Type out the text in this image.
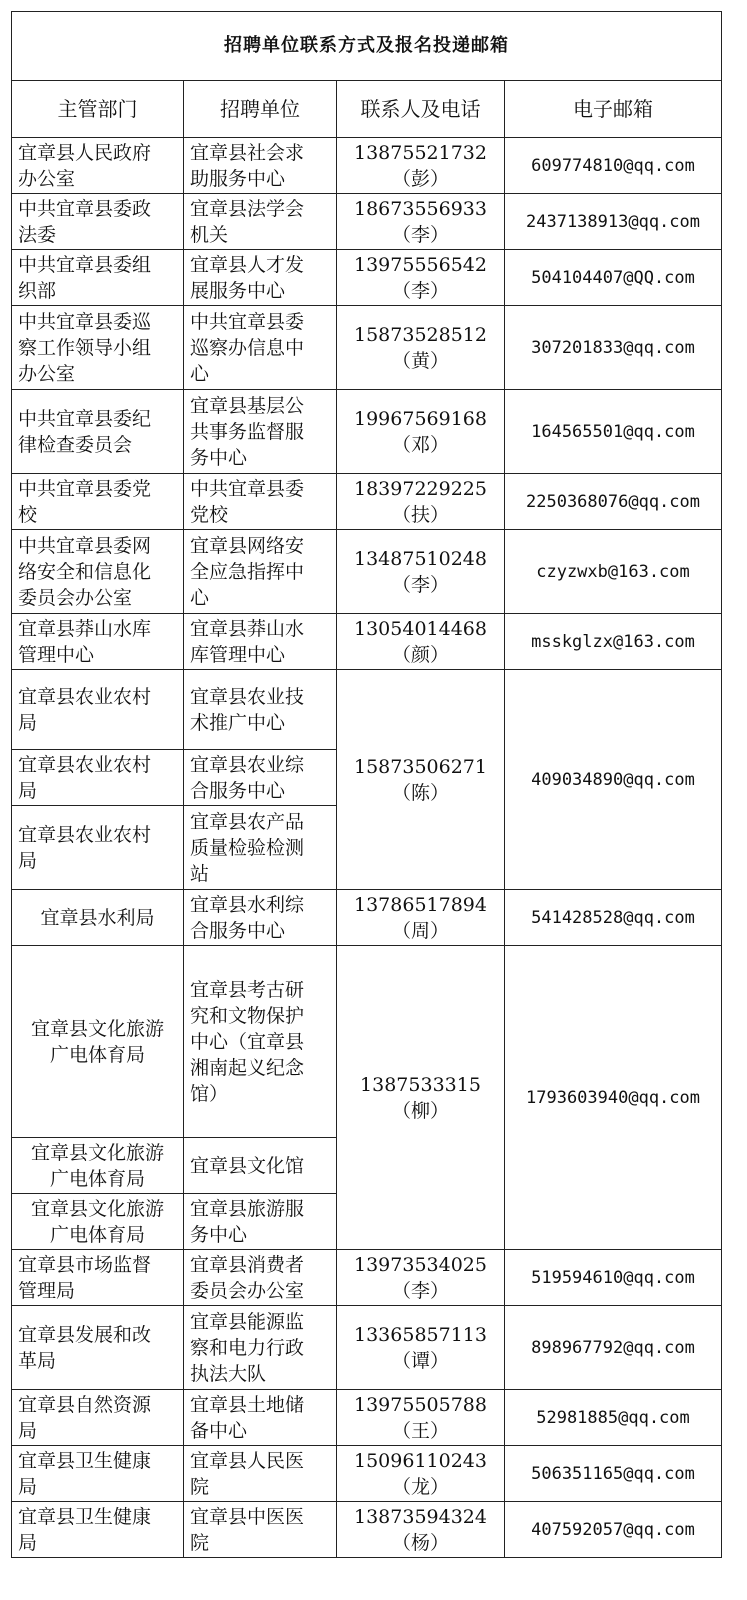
招聘单位联系方式及报名投递邮箱			
主管部门	招聘单位	联系人及电话	电子邮箱

宜章县人民政府
办公室	宜章县社会求
助服务中心	13875521732
（彭）	609774810@qq.com

中共宜章县委政
法委	宜章县法学会
机关	18673556933
（李）	2437138913@qq.com

中共宜章县委组
织部	宜章县人才发
展服务中心	13975556542
（李）	504104407@QQ.com

中共宜章县委巡
察工作领导小组
办公室	中共宜章县委
巡察办信息中
心	15873528512
（黄）	307201833@qq.com

中共宜章县委纪
律检查委员会	宜章县基层公
共事务监督服
务中心	19967569168
（邓）	164565501@qq.com

中共宜章县委党
校	中共宜章县委
党校	18397229225
（扶）	2250368076@qq.com

中共宜章县委网
络安全和信息化
委员会办公室	宜章县网络安
全应急指挥中
心	13487510248
（李）	czyzwxb@163.com

宜章县莽山水库
管理中心	宜章县莽山水
库管理中心	13054014468
（颜）	msskglzx@163.com

宜章县农业农村
局	宜章县农业技
术推广中心	15873506271
（陈）	409034890@qq.com

宜章县农业农村
局	宜章县农业综
合服务中心		

宜章县农业农村
局	宜章县农产品
质量检验检测
站		

宜章县水利局	宜章县水利综
合服务中心	13786517894
（周）	541428528@qq.com

宜章县文化旅游
广电体育局	宜章县考古研
究和文物保护
中心（宜章县
湘南起义纪念
馆）	1387533315
（柳）	1793603940@qq.com

宜章县文化旅游
广电体育局	宜章县文化馆		

宜章县文化旅游
广电体育局	宜章县旅游服
务中心		

宜章县市场监督
管理局	宜章县消费者
委员会办公室	13973534025
（李）	519594610@qq.com

宜章县发展和改
革局	宜章县能源监
察和电力行政
执法大队	13365857113
（谭）	898967792@qq.com

宜章县自然资源
局	宜章县土地储
备中心	13975505788
（王）	52981885@qq.com

宜章县卫生健康
局	宜章县人民医
院	15096110243
（龙）	506351165@qq.com

宜章县卫生健康
局	宜章县中医医
院	13873594324
（杨）	407592057@qq.com
